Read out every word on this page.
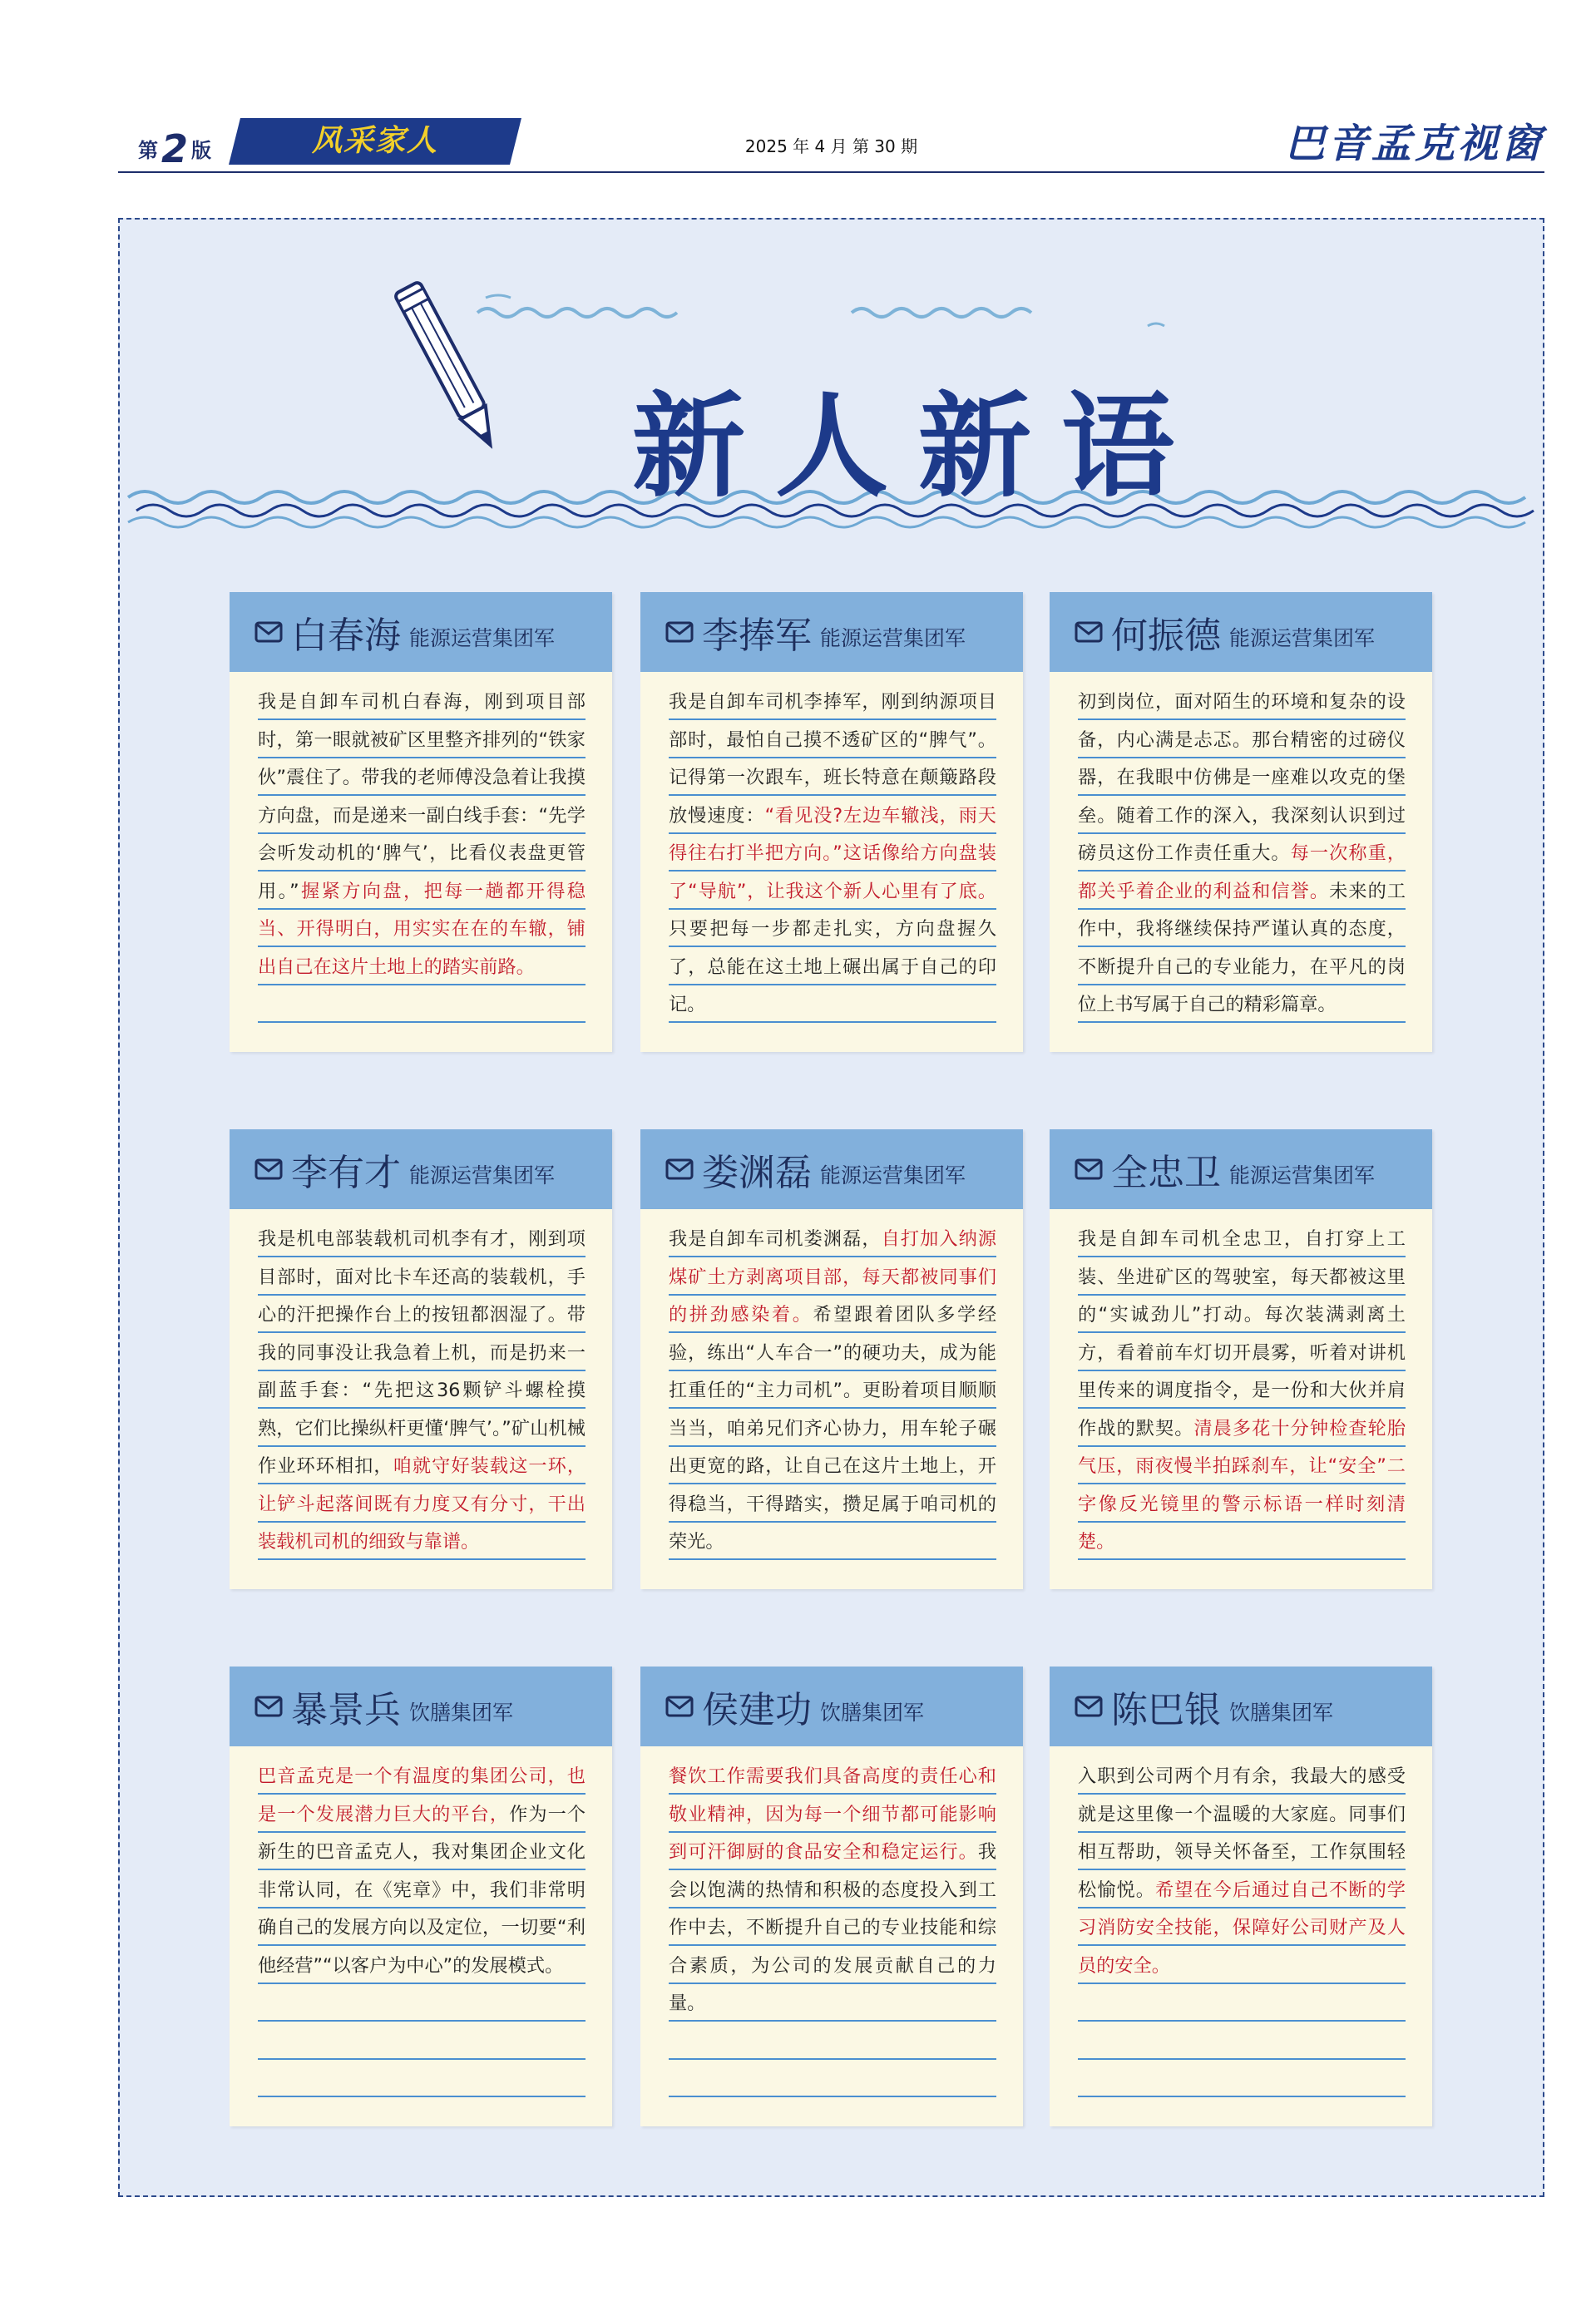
第2 版	风采家人	2025 年 4 月 第 30 期	巴音孟克视窗
新人新语
白春海 能源运营集团军
我是自卸车司机白春海，刚到项目部时，第一眼就被矿区里整齐排列的“铁家伙”震住了。带我的老师傅没急着让我摸方向盘，而是递来一副白线手套：“先学会听发动机的‘脾气’，比看仪表盘更管用。”握紧方向盘，把每一趟都开得稳当、开得明白，用实实在在的车辙，铺出自己在这片土地上的踏实前路。
李捧军 能源运营集团军
我是自卸车司机李捧军，刚到纳源项目部时，最怕自己摸不透矿区的“脾气”。记得第一次跟车，班长特意在颠簸路段放慢速度：“看见没?左边车辙浅，雨天得往右打半把方向。”这话像给方向盘装了“导航”，让我这个新人心里有了底。只要把每一步都走扎实，方向盘握久了，总能在这土地上碾出属于自己的印记。
何振德 能源运营集团军
初到岗位，面对陌生的环境和复杂的设备，内心满是忐忑。那台精密的过磅仪器，在我眼中仿佛是一座难以攻克的堡垒。随着工作的深入，我深刻认识到过磅员这份工作责任重大。每一次称重，都关乎着企业的利益和信誉。未来的工作中，我将继续保持严谨认真的态度，不断提升自己的专业能力，在平凡的岗位上书写属于自己的精彩篇章。
李有才 能源运营集团军
我是机电部装载机司机李有才，刚到项目部时，面对比卡车还高的装载机，手心的汗把操作台上的按钮都洇湿了。带我的同事没让我急着上机，而是扔来一副蓝手套：“先把这36颗铲斗螺栓摸熟，它们比操纵杆更懂‘脾气’。”矿山机械作业环环相扣，咱就守好装载这一环，让铲斗起落间既有力度又有分寸，干出装载机司机的细致与靠谱。
娄渊磊 能源运营集团军
我是自卸车司机娄渊磊，自打加入纳源煤矿土方剥离项目部，每天都被同事们的拼劲感染着。希望跟着团队多学经验，练出“人车合一”的硬功夫，成为能扛重任的“主力司机”。更盼着项目顺顺当当，咱弟兄们齐心协力，用车轮子碾出更宽的路，让自己在这片土地上，开得稳当，干得踏实，攒足属于咱司机的荣光。
全忠卫 能源运营集团军
我是自卸车司机全忠卫，自打穿上工装、坐进矿区的驾驶室，每天都被这里的“实诚劲儿”打动。每次装满剥离土方，看着前车灯切开晨雾，听着对讲机里传来的调度指令，是一份和大伙并肩作战的默契。清晨多花十分钟检查轮胎气压，雨夜慢半拍踩刹车，让“安全”二字像反光镜里的警示标语一样时刻清楚。
暴景兵 饮膳集团军
巴音孟克是一个有温度的集团公司，也是一个发展潜力巨大的平台，作为一个新生的巴音孟克人，我对集团企业文化非常认同，在《宪章》中，我们非常明确自己的发展方向以及定位，一切要“利他经营”“以客户为中心”的发展模式。
侯建功 饮膳集团军
餐饮工作需要我们具备高度的责任心和敬业精神，因为每一个细节都可能影响到可汗御厨的食品安全和稳定运行。我会以饱满的热情和积极的态度投入到工作中去，不断提升自己的专业技能和综合素质，为公司的发展贡献自己的力量。
陈巴银 饮膳集团军
入职到公司两个月有余，我最大的感受就是这里像一个温暖的大家庭。同事们相互帮助，领导关怀备至，工作氛围轻松愉悦。希望在今后通过自己不断的学习消防安全技能，保障好公司财产及人员的安全。
